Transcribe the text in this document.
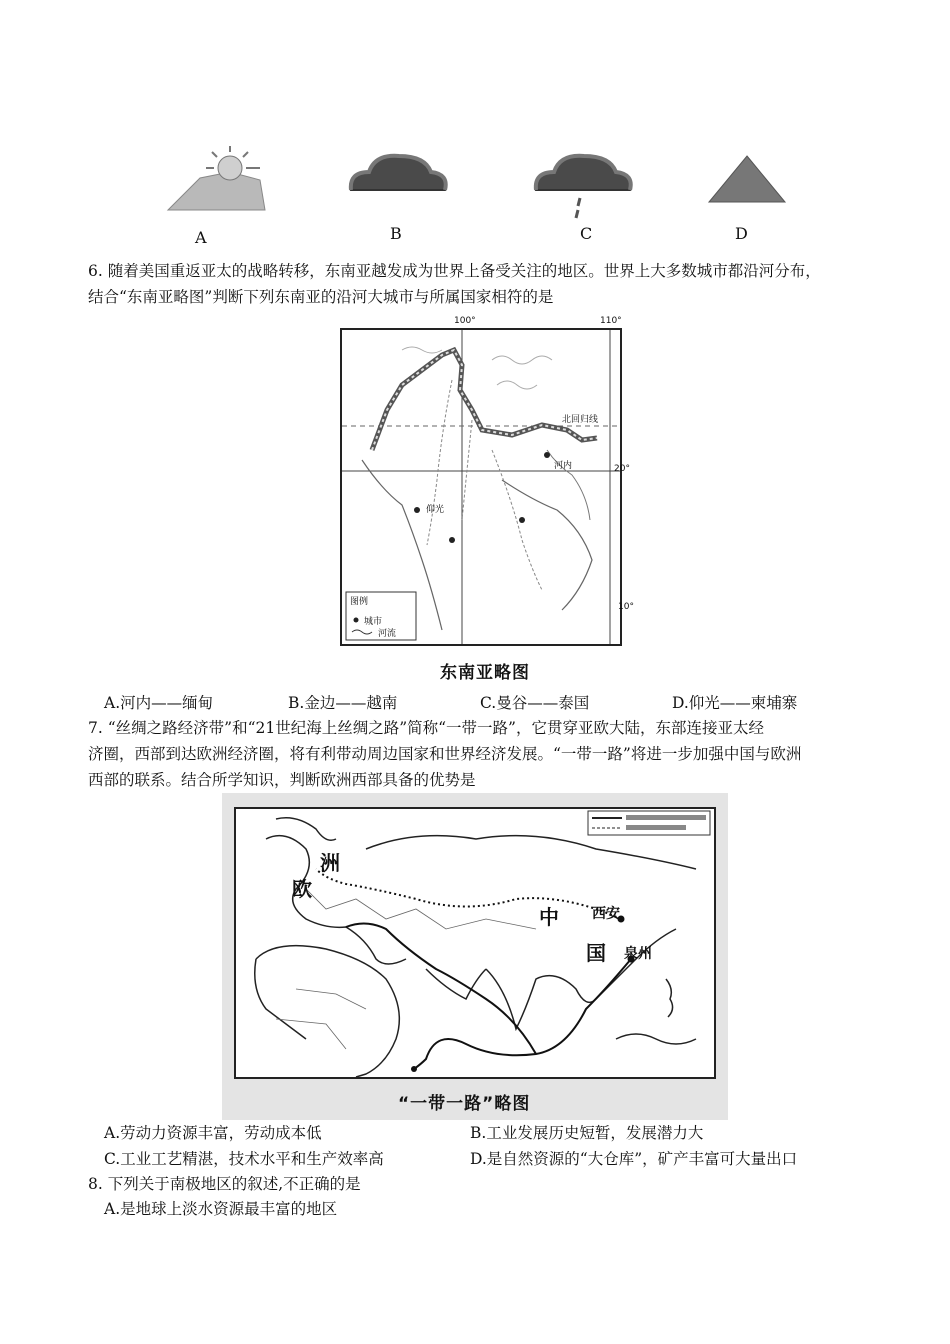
A	B	C	D
6. 随着美国重返亚太的战略转移，东南亚越发成为世界上备受关注的地区。世界上大多数城市都沿河分布，
结合“东南亚略图”判断下列东南亚的沿河大城市与所属国家相符的是
100°	110°
20°
10°
北回归线
河内
仰光
图例
城市
河流
东南亚略图
A.河内——缅甸	B.金边——越南	C.曼谷——泰国	D.仰光——柬埔寨
7. “丝绸之路经济带”和“21世纪海上丝绸之路”简称“一带一路”，它贯穿亚欧大陆，东部连接亚太经
济圈，西部到达欧洲经济圈，将有利带动周边国家和世界经济发展。“一带一路”将进一步加强中国与欧洲
西部的联系。结合所学知识，判断欧洲西部具备的优势是
欧
洲
中
国
西安
泉州
“一带一路”略图
A.劳动力资源丰富，劳动成本低	B.工业发展历史短暂，发展潜力大
C.工业工艺精湛，技术水平和生产效率高	D.是自然资源的“大仓库”，矿产丰富可大量出口
8. 下列关于南极地区的叙述,不正确的是
A.是地球上淡水资源最丰富的地区
